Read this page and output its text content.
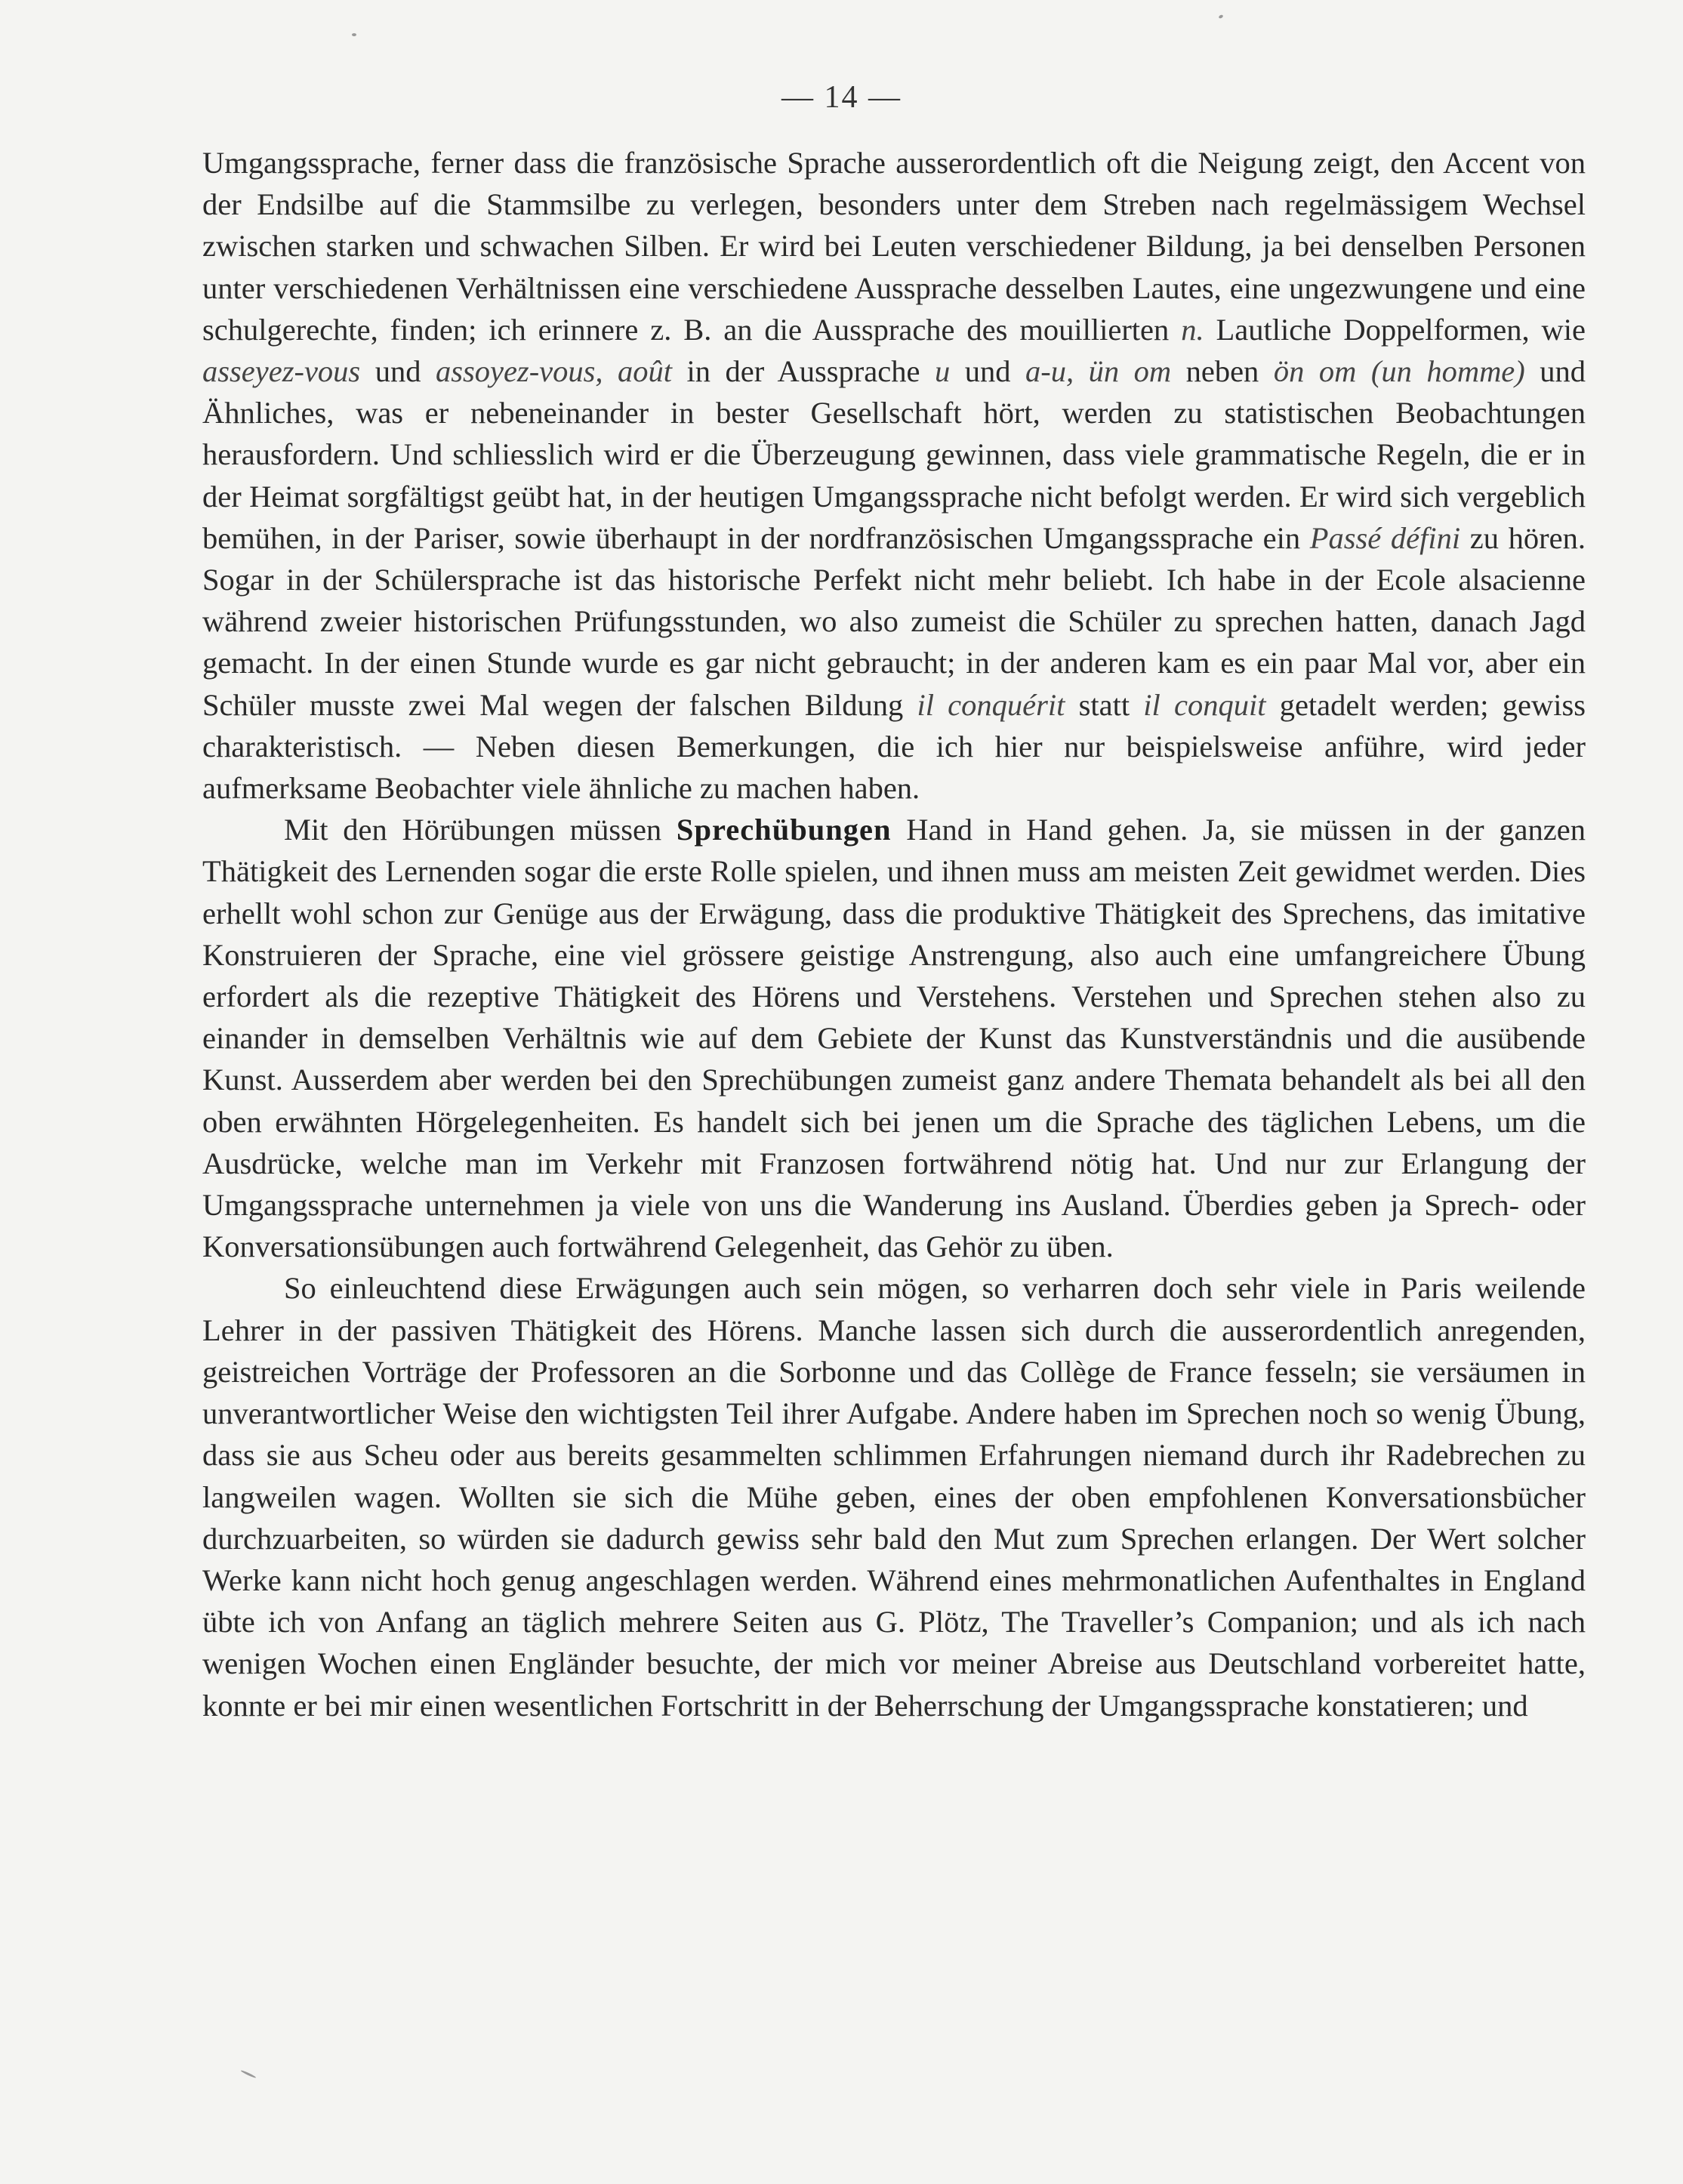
— 14 —

Umgangssprache, ferner dass die französische Sprache ausserordentlich oft die Neigung zeigt, den Accent von der Endsilbe auf die Stammsilbe zu verlegen, besonders unter dem Streben nach regelmässigem Wechsel zwischen starken und schwachen Silben. Er wird bei Leuten verschiedener Bildung, ja bei denselben Personen unter verschiedenen Verhältnissen eine verschiedene Aussprache desselben Lautes, eine ungezwungene und eine schulgerechte, finden; ich erinnere z. B. an die Aussprache des mouillierten n. Lautliche Doppelformen, wie asseyez-vous und assoyez-vous, août in der Aussprache u und a-u, ün om neben ön om (un homme) und Ähnliches, was er nebeneinander in bester Gesellschaft hört, werden zu statistischen Beobachtungen herausfordern. Und schliesslich wird er die Überzeugung gewinnen, dass viele grammatische Regeln, die er in der Heimat sorgfältigst geübt hat, in der heutigen Umgangssprache nicht befolgt werden. Er wird sich vergeblich bemühen, in der Pariser, sowie überhaupt in der nordfranzösischen Umgangssprache ein Passé défini zu hören. Sogar in der Schülersprache ist das historische Perfekt nicht mehr beliebt. Ich habe in der Ecole alsacienne während zweier historischen Prüfungsstunden, wo also zumeist die Schüler zu sprechen hatten, danach Jagd gemacht. In der einen Stunde wurde es gar nicht gebraucht; in der anderen kam es ein paar Mal vor, aber ein Schüler musste zwei Mal wegen der falschen Bildung il conquérit statt il conquit getadelt werden; gewiss charakteristisch. — Neben diesen Bemerkungen, die ich hier nur beispielsweise anführe, wird jeder aufmerksame Beobachter viele ähnliche zu machen haben.

Mit den Hörübungen müssen Sprechübungen Hand in Hand gehen. Ja, sie müssen in der ganzen Thätigkeit des Lernenden sogar die erste Rolle spielen, und ihnen muss am meisten Zeit gewidmet werden. Dies erhellt wohl schon zur Genüge aus der Erwägung, dass die produktive Thätigkeit des Sprechens, das imitative Konstruieren der Sprache, eine viel grössere geistige Anstrengung, also auch eine umfangreichere Übung erfordert als die rezeptive Thätigkeit des Hörens und Verstehens. Verstehen und Sprechen stehen also zu einander in demselben Verhältnis wie auf dem Gebiete der Kunst das Kunstverständnis und die ausübende Kunst. Ausserdem aber werden bei den Sprechübungen zumeist ganz andere Themata behandelt als bei all den oben erwähnten Hörgelegenheiten. Es handelt sich bei jenen um die Sprache des täglichen Lebens, um die Ausdrücke, welche man im Verkehr mit Franzosen fortwährend nötig hat. Und nur zur Erlangung der Umgangssprache unternehmen ja viele von uns die Wanderung ins Ausland. Überdies geben ja Sprech- oder Konversationsübungen auch fortwährend Gelegenheit, das Gehör zu üben.

So einleuchtend diese Erwägungen auch sein mögen, so verharren doch sehr viele in Paris weilende Lehrer in der passiven Thätigkeit des Hörens. Manche lassen sich durch die ausserordentlich anregenden, geistreichen Vorträge der Professoren an die Sorbonne und das Collège de France fesseln; sie versäumen in unverantwortlicher Weise den wichtigsten Teil ihrer Aufgabe. Andere haben im Sprechen noch so wenig Übung, dass sie aus Scheu oder aus bereits gesammelten schlimmen Erfahrungen niemand durch ihr Radebrechen zu langweilen wagen. Wollten sie sich die Mühe geben, eines der oben empfohlenen Konversationsbücher durchzuarbeiten, so würden sie dadurch gewiss sehr bald den Mut zum Sprechen erlangen. Der Wert solcher Werke kann nicht hoch genug angeschlagen werden. Während eines mehrmonatlichen Aufenthaltes in England übte ich von Anfang an täglich mehrere Seiten aus G. Plötz, The Traveller’s Companion; und als ich nach wenigen Wochen einen Engländer besuchte, der mich vor meiner Abreise aus Deutschland vorbereitet hatte, konnte er bei mir einen wesentlichen Fortschritt in der Beherrschung der Umgangssprache konstatieren; und
